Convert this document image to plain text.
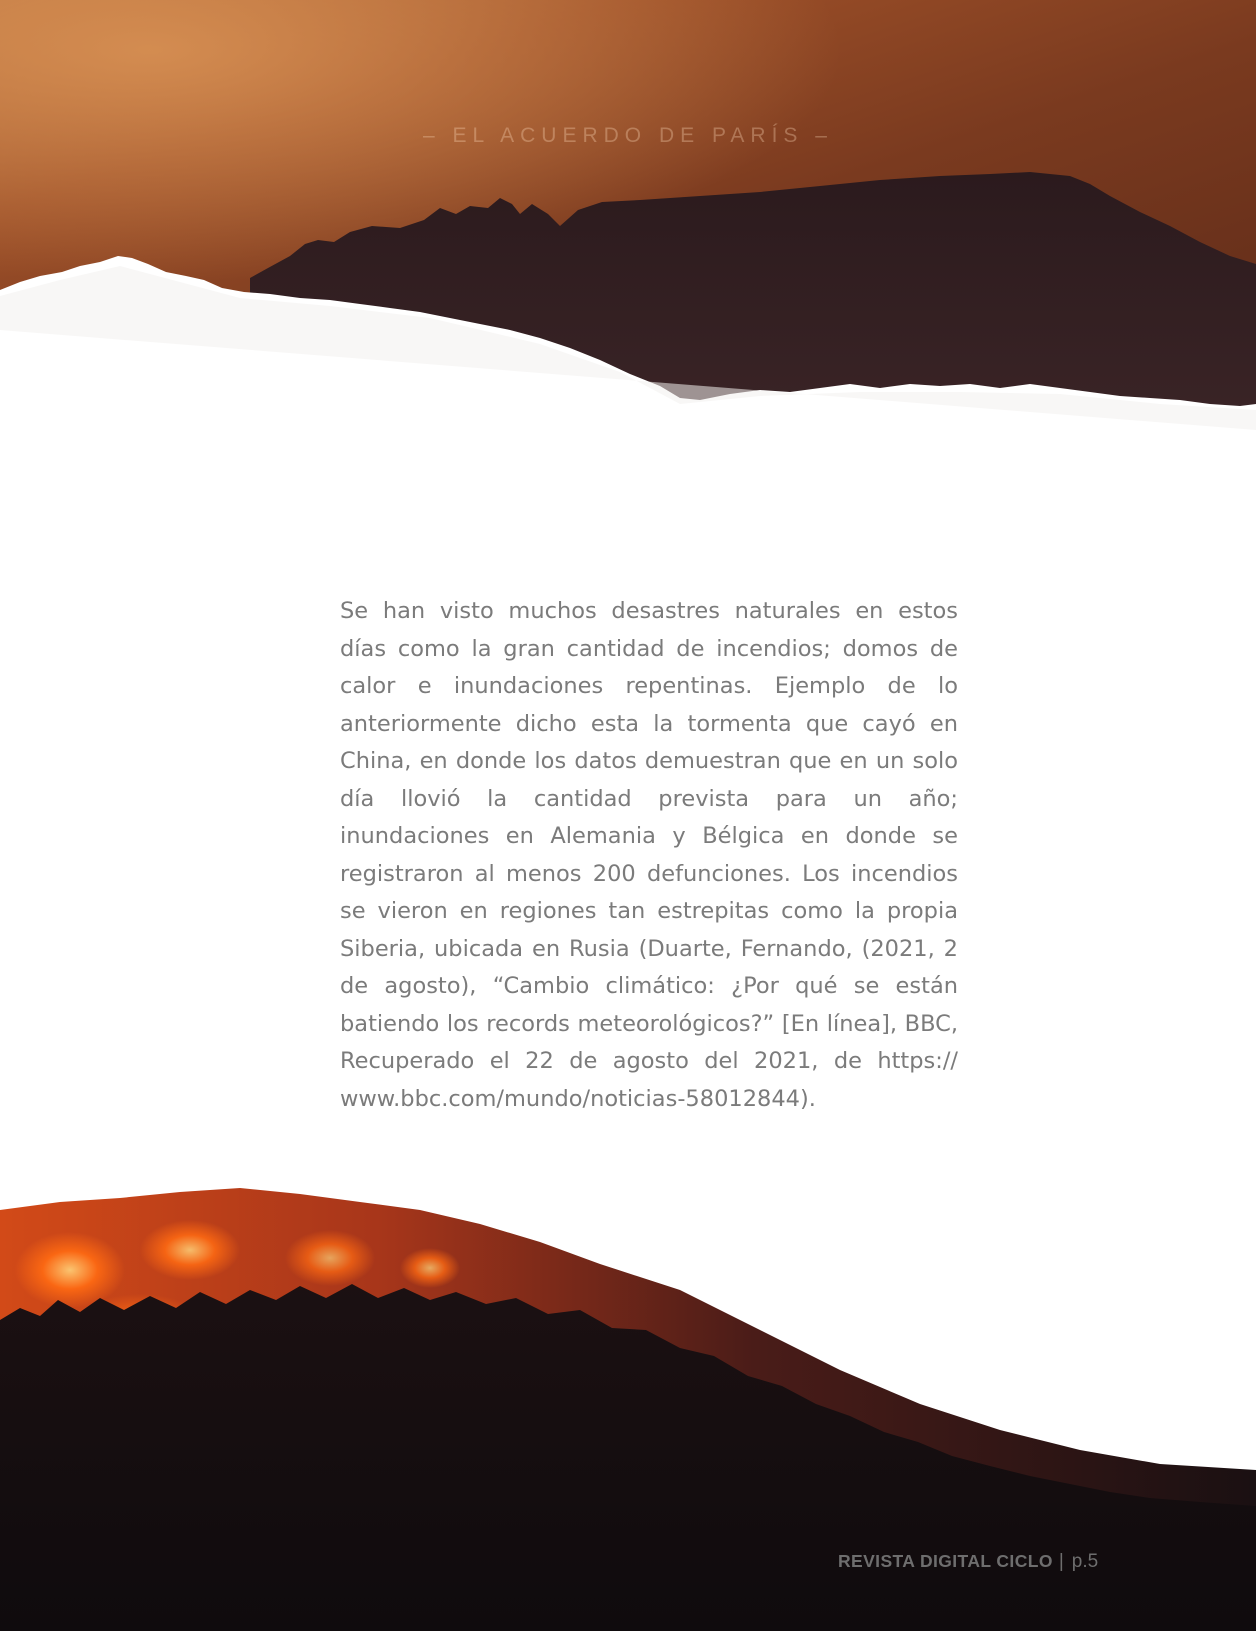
– EL ACUERDO DE PARÍS –

Se han visto muchos desastres naturales en estos días como la gran cantidad de incendios; domos de calor e inundaciones repentinas. Ejemplo de lo anteriormente dicho esta la tormenta que cayó en China, en donde los datos demuestran que en un solo día llovió la cantidad prevista para un año; inundaciones en Alemania y Bélgica en donde se registraron al menos 200 defunciones. Los incendios se vieron en regiones tan estrepitas como la propia Siberia, ubicada en Rusia (Duarte, Fernando, (2021, 2 de agosto), “Cambio climático: ¿Por qué se están batiendo los records meteorológicos?” [En línea], BBC, Recuperado el 22 de agosto del 2021, de https:// www.bbc.com/mundo/noticias-58012844).

REVISTA DIGITAL CICLO | p.5
